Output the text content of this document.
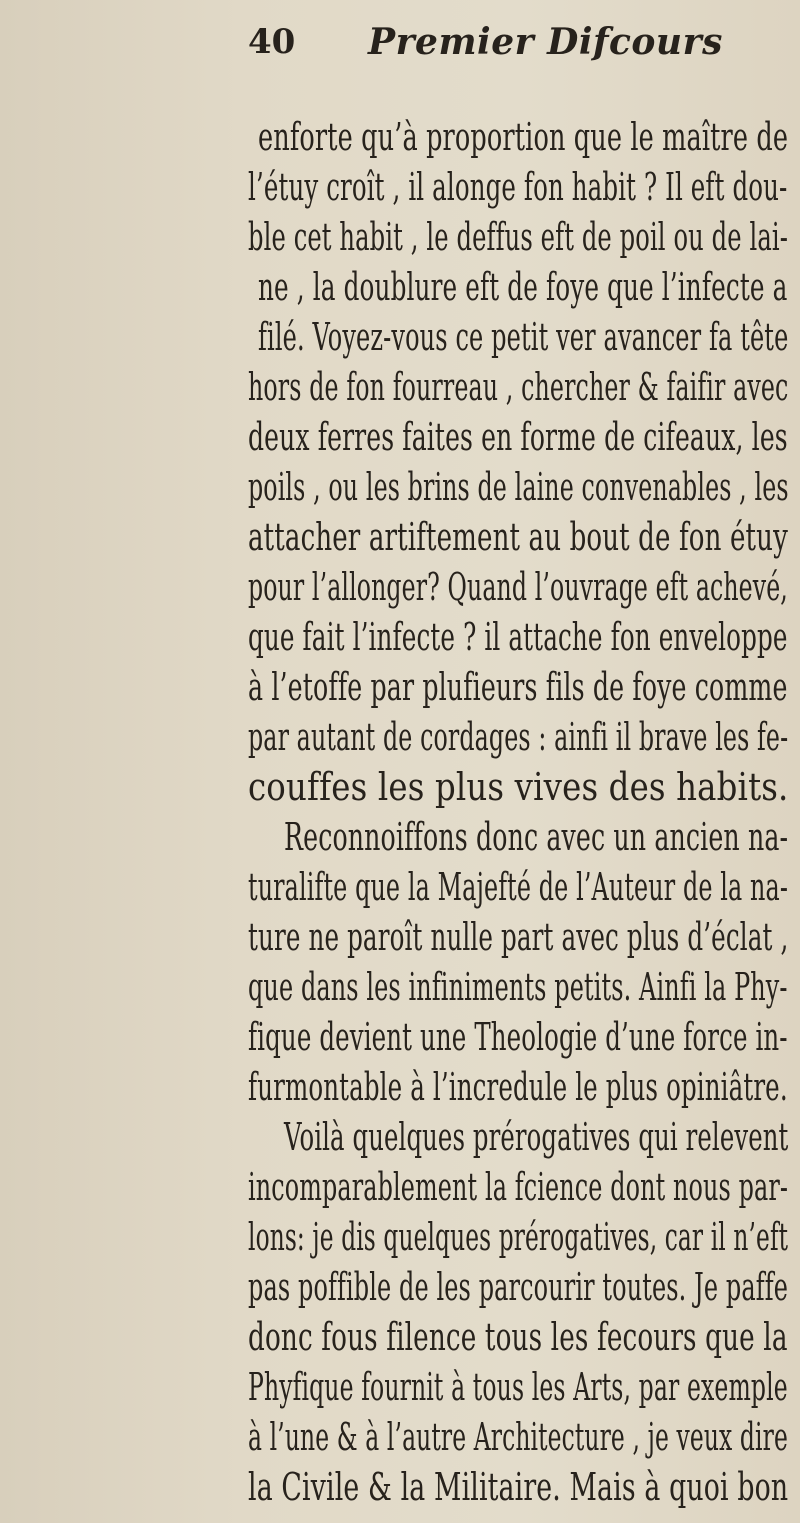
40 Premier Difcours
enforte qu’à proportion que le maître de
l’étuy croît , il alonge fon habit ? Il eft dou-
ble cet habit , le deffus eft de poil ou de lai-
ne , la doublure eft de foye que l’infecte a
filé. Voyez-vous ce petit ver avancer fa tête
hors de fon fourreau , chercher & faifir avec
deux ferres faites en forme de cifeaux, les
poils , ou les brins de laine convenables , les
attacher artiftement au bout de fon étuy
pour l’allonger? Quand l’ouvrage eft achevé,
que fait l’infecte ? il attache fon enveloppe
à l’etoffe par plufieurs fils de foye comme
par autant de cordages : ainfi il brave les fe-
couffes les plus vives des habits.
Reconnoiffons donc avec un ancien na-
turalifte que la Majefté de l’Auteur de la na-
ture ne paroît nulle part avec plus d’éclat ,
que dans les infiniments petits. Ainfi la Phy-
fique devient une Theologie d’une force in-
furmontable à l’incredule le plus opiniâtre.
Voilà quelques prérogatives qui relevent
incomparablement la fcience dont nous par-
lons: je dis quelques prérogatives, car il n’eft
pas poffible de les parcourir toutes. Je paffe
donc fous filence tous les fecours que la
Phyfique fournit à tous les Arts, par exemple
à l’une & à l’autre Architecture , je veux dire
la Civile & la Militaire. Mais à quoi bon
